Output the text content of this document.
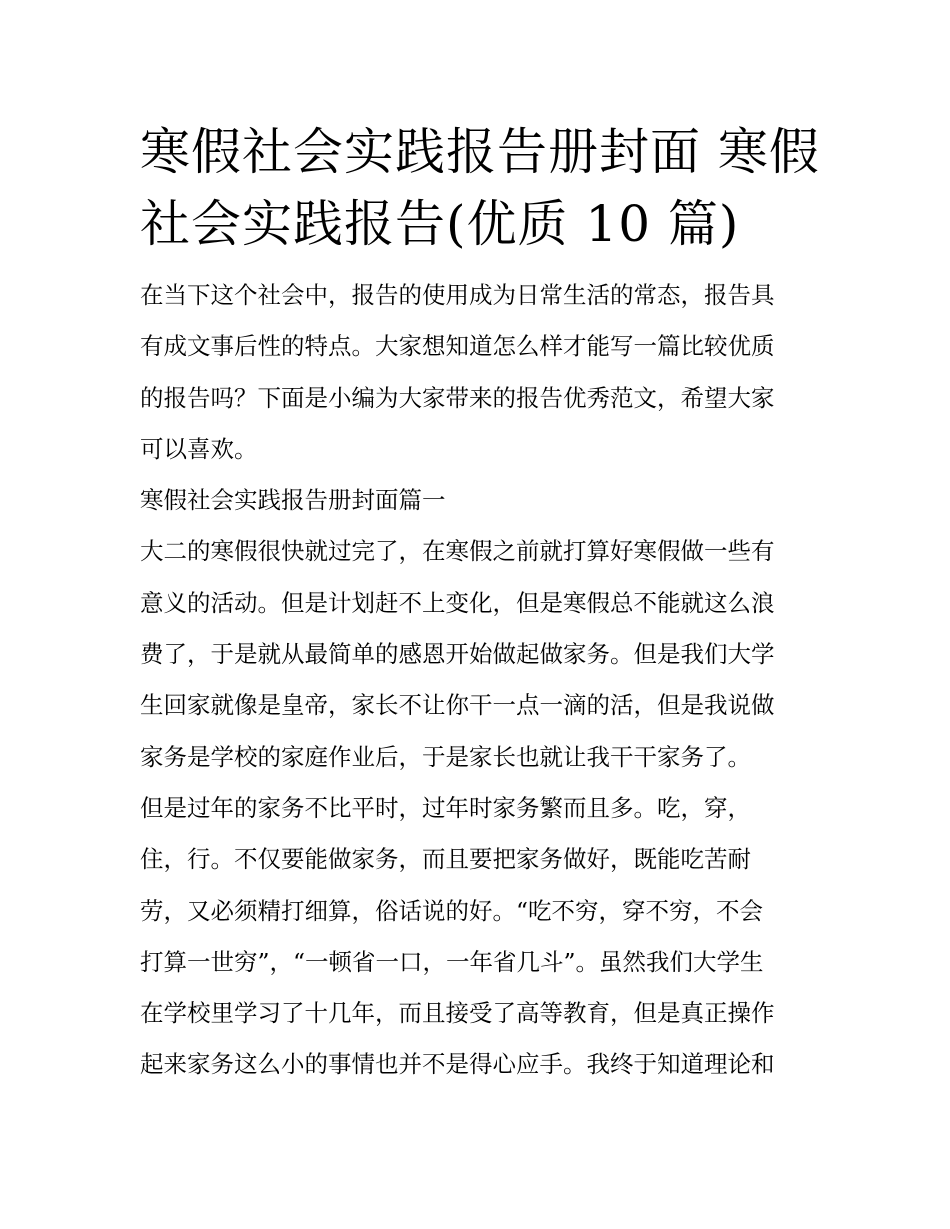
寒假社会实践报告册封面 寒假
社会实践报告(优质 10 篇)
在当下这个社会中，报告的使用成为日常生活的常态，报告具
有成文事后性的特点。大家想知道怎么样才能写一篇比较优质
的报告吗？下面是小编为大家带来的报告优秀范文，希望大家
可以喜欢。
寒假社会实践报告册封面篇一
大二的寒假很快就过完了，在寒假之前就打算好寒假做一些有
意义的活动。但是计划赶不上变化，但是寒假总不能就这么浪
费了，于是就从最简单的感恩开始做起做家务。但是我们大学
生回家就像是皇帝，家长不让你干一点一滴的活，但是我说做
家务是学校的家庭作业后，于是家长也就让我干干家务了。
但是过年的家务不比平时，过年时家务繁而且多。吃，穿，
住，行。不仅要能做家务，而且要把家务做好，既能吃苦耐
劳，又必须精打细算，俗话说的好。“吃不穷，穿不穷，不会
打算一世穷”，“一顿省一口，一年省几斗”。虽然我们大学生
在学校里学习了十几年，而且接受了高等教育，但是真正操作
起来家务这么小的事情也并不是得心应手。我终于知道理论和
